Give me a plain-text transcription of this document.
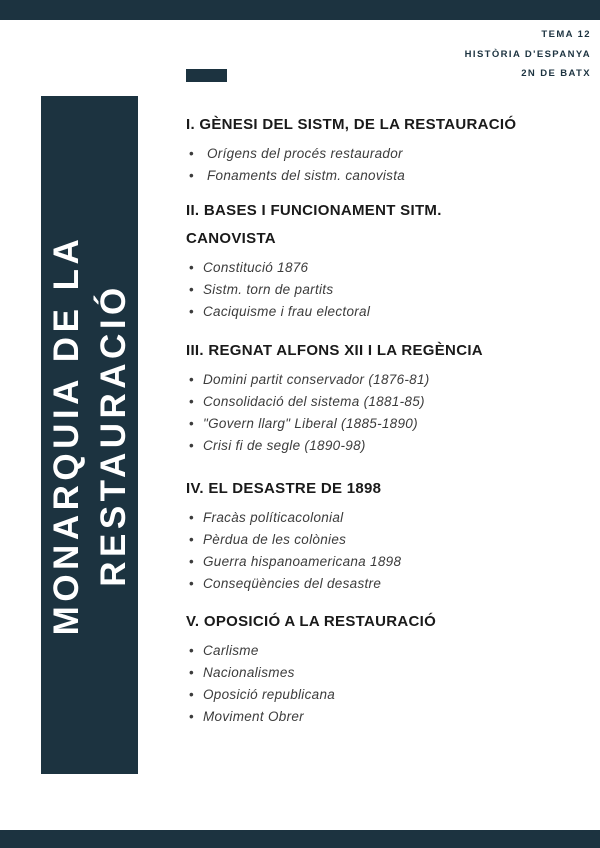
TEMA 12
HISTÒRIA D'ESPANYA
2N DE BATX
MONARQUIA DE LA RESTAURACIÓ
I. GÈNESI DEL SISTM, DE LA RESTAURACIÓ
• Orígens del procés restaurador
• Fonaments del sistm. canovista
II. BASES I FUNCIONAMENT SITM.
CANOVISTA
• Constitució 1876
• Sistm. torn de partits
• Caciquisme i frau electoral
III. REGNAT ALFONS XII I LA REGÈNCIA
• Domini partit conservador (1876-81)
• Consolidació del sistema (1881-85)
• "Govern llarg" Liberal (1885-1890)
• Crisi fi de segle (1890-98)
IV. EL DESASTRE DE 1898
• Fracàs políticacolonial
• Pèrdua de les colònies
• Guerra hispanoamericana 1898
• Conseqüències del desastre
V. OPOSICIÓ A LA RESTAURACIÓ
• Carlisme
• Nacionalismes
• Oposició republicana
• Moviment Obrer
